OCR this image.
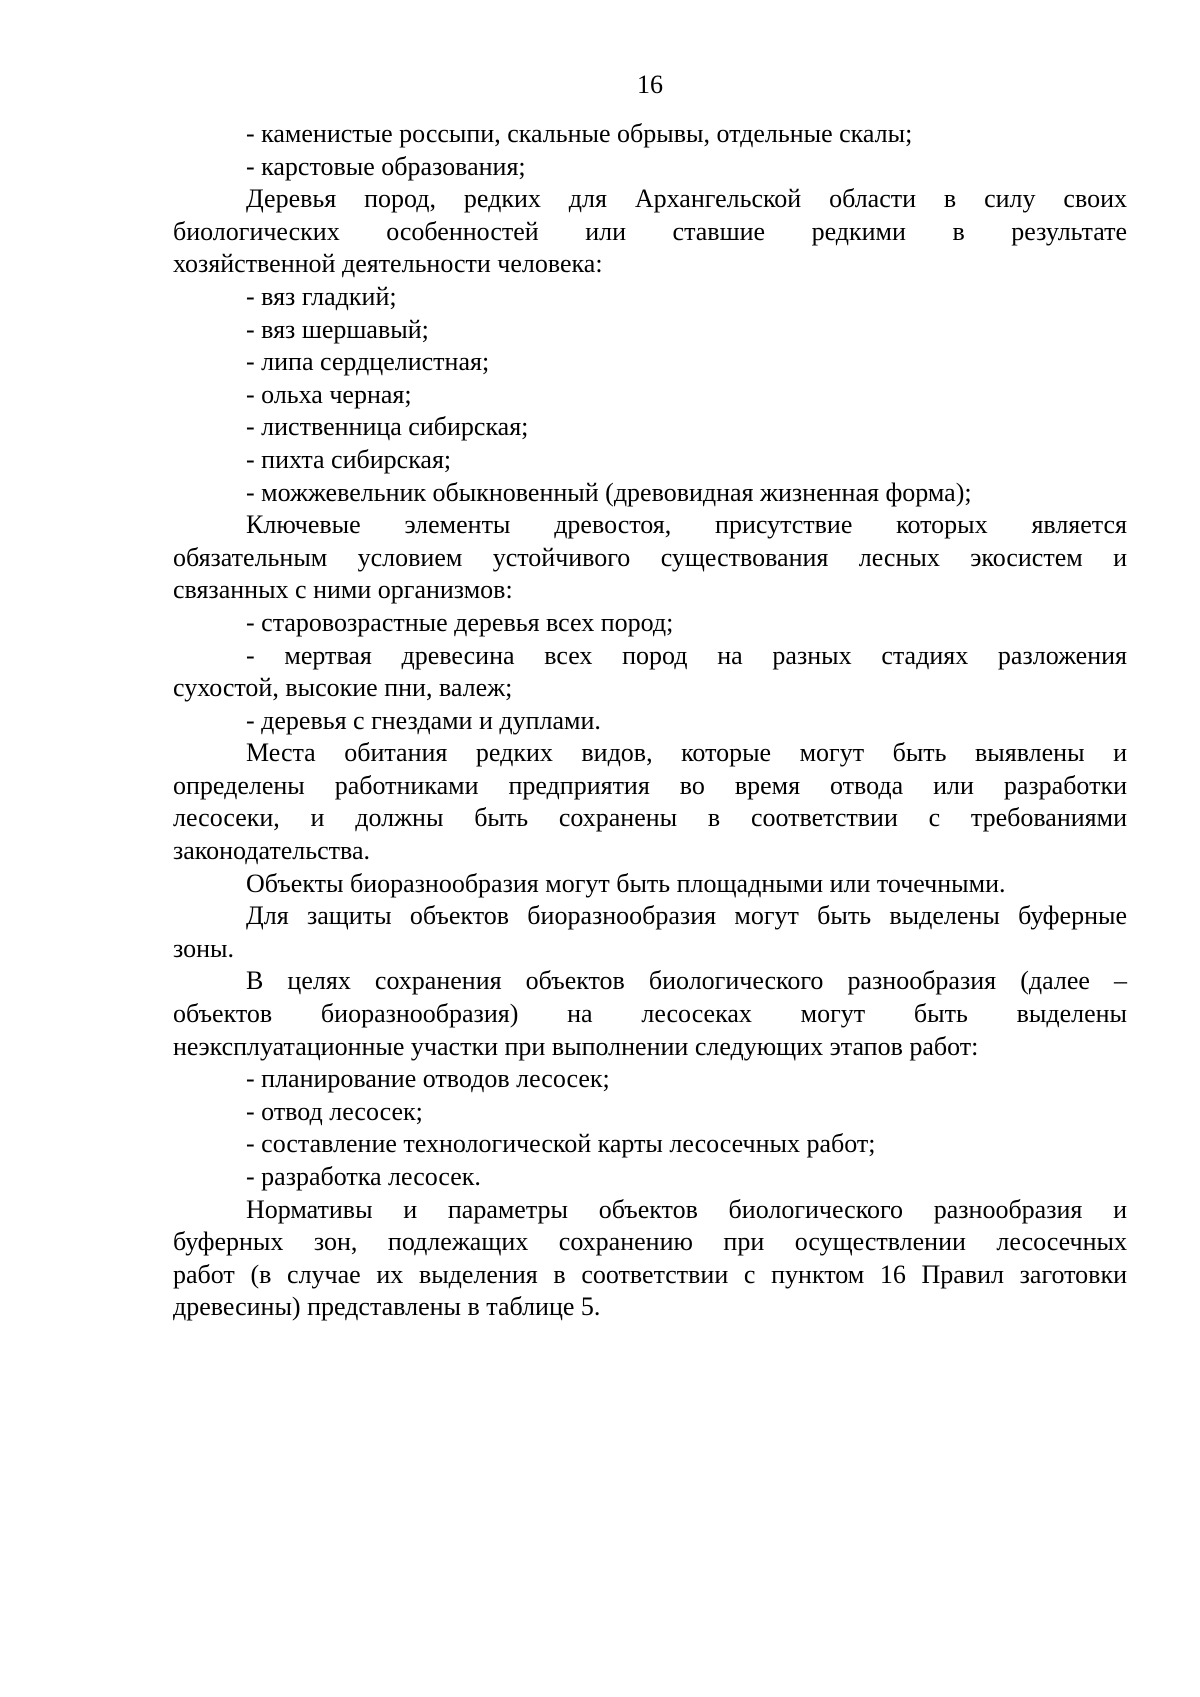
16
- каменистые россыпи, скальные обрывы, отдельные скалы;
- карстовые образования;
Деревья пород, редких для Архангельской области в силу своих
биологических особенностей или ставшие редкими в результате
хозяйственной деятельности человека:
- вяз гладкий;
- вяз шершавый;
- липа сердцелистная;
- ольха черная;
- лиственница сибирская;
- пихта сибирская;
- можжевельник обыкновенный (древовидная жизненная форма);
Ключевые элементы древостоя, присутствие которых является
обязательным условием устойчивого существования лесных экосистем и
связанных с ними организмов:
- старовозрастные деревья всех пород;
- мертвая древесина всех пород на разных стадиях разложения
сухостой, высокие пни, валеж;
- деревья с гнездами и дуплами.
Места обитания редких видов, которые могут быть выявлены и
определены работниками предприятия во время отвода или разработки
лесосеки, и должны быть сохранены в соответствии с требованиями
законодательства.
Объекты биоразнообразия могут быть площадными или точечными.
Для защиты объектов биоразнообразия могут быть выделены буферные
зоны.
В целях сохранения объектов биологического разнообразия (далее –
объектов биоразнообразия) на лесосеках могут быть выделены
неэксплуатационные участки при выполнении следующих этапов работ:
- планирование отводов лесосек;
- отвод лесосек;
- составление технологической карты лесосечных работ;
- разработка лесосек.
Нормативы и параметры объектов биологического разнообразия и
буферных зон, подлежащих сохранению при осуществлении лесосечных
работ (в случае их выделения в соответствии с пунктом 16 Правил заготовки
древесины) представлены в таблице 5.
